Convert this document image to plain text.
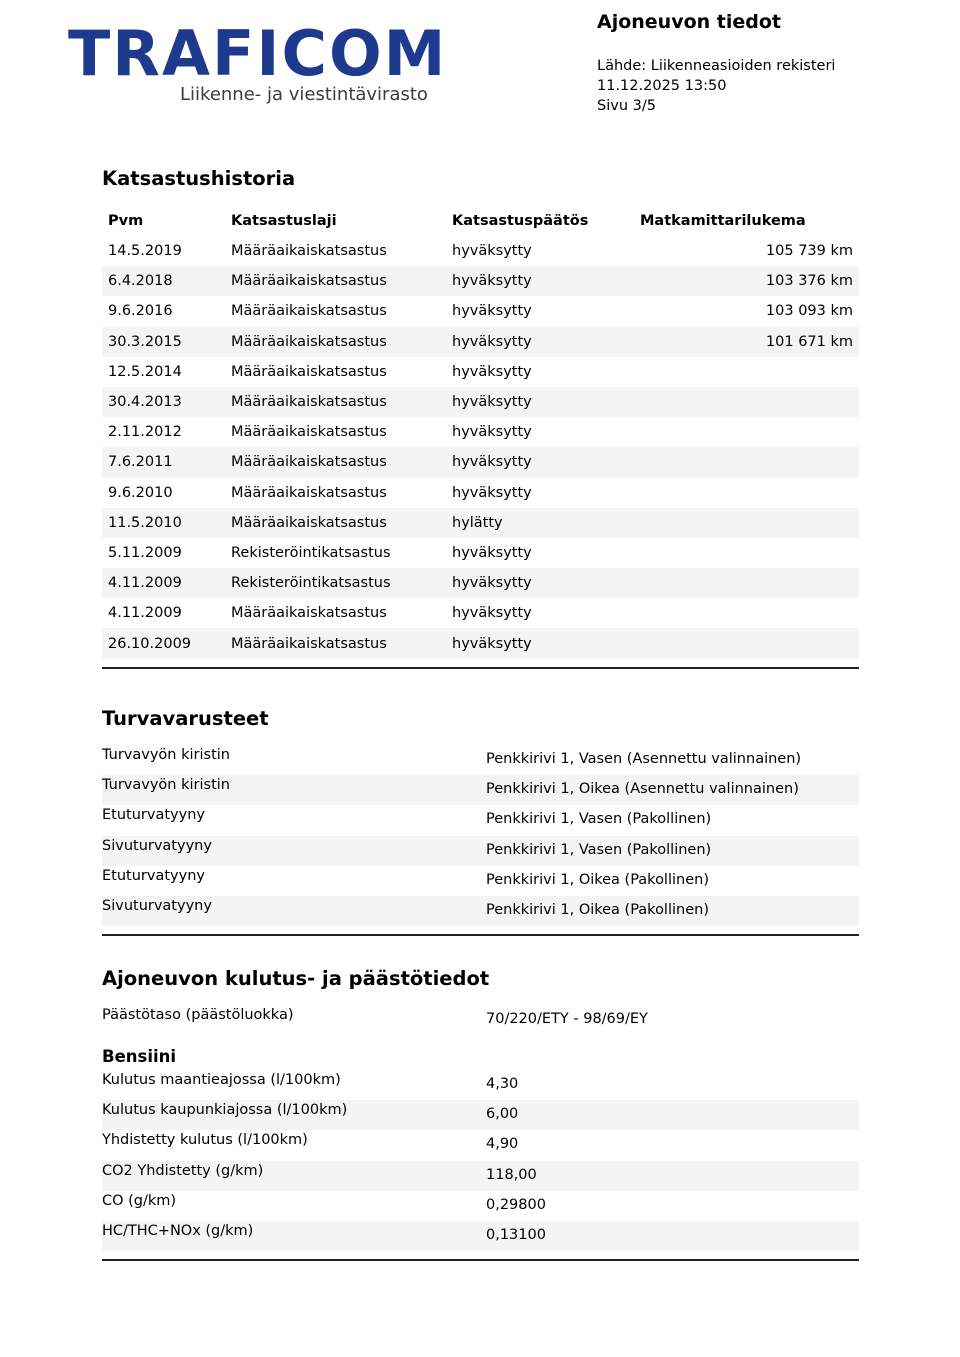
TRAFICOM
Liikenne- ja viestintävirasto
Ajoneuvon tiedot
Lähde: Liikenneasioiden rekisteri
11.12.2025 13:50
Sivu 3/5
Katsastushistoria
Pvm	Katsastuslaji	Katsastuspäätös	Matkamittarilukema
14.5.2019	Määräaikaiskatsastus	hyväksytty	105 739 km
6.4.2018	Määräaikaiskatsastus	hyväksytty	103 376 km
9.6.2016	Määräaikaiskatsastus	hyväksytty	103 093 km
30.3.2015	Määräaikaiskatsastus	hyväksytty	101 671 km
12.5.2014	Määräaikaiskatsastus	hyväksytty	
30.4.2013	Määräaikaiskatsastus	hyväksytty	
2.11.2012	Määräaikaiskatsastus	hyväksytty	
7.6.2011	Määräaikaiskatsastus	hyväksytty	
9.6.2010	Määräaikaiskatsastus	hyväksytty	
11.5.2010	Määräaikaiskatsastus	hylätty	
5.11.2009	Rekisteröintikatsastus	hyväksytty	
4.11.2009	Rekisteröintikatsastus	hyväksytty	
4.11.2009	Määräaikaiskatsastus	hyväksytty	
26.10.2009	Määräaikaiskatsastus	hyväksytty	
Turvavarusteet
Turvavyön kiristin	Penkkirivi 1, Vasen (Asennettu valinnainen)
Turvavyön kiristin	Penkkirivi 1, Oikea (Asennettu valinnainen)
Etuturvatyyny	Penkkirivi 1, Vasen (Pakollinen)
Sivuturvatyyny	Penkkirivi 1, Vasen (Pakollinen)
Etuturvatyyny	Penkkirivi 1, Oikea (Pakollinen)
Sivuturvatyyny	Penkkirivi 1, Oikea (Pakollinen)
Ajoneuvon kulutus- ja päästötiedot
Päästötaso (päästöluokka)	70/220/ETY - 98/69/EY
Bensiini
Kulutus maantieajossa (l/100km)	4,30
Kulutus kaupunkiajossa (l/100km)	6,00
Yhdistetty kulutus (l/100km)	4,90
CO2 Yhdistetty (g/km)	118,00
CO (g/km)	0,29800
HC/THC+NOx (g/km)	0,13100
